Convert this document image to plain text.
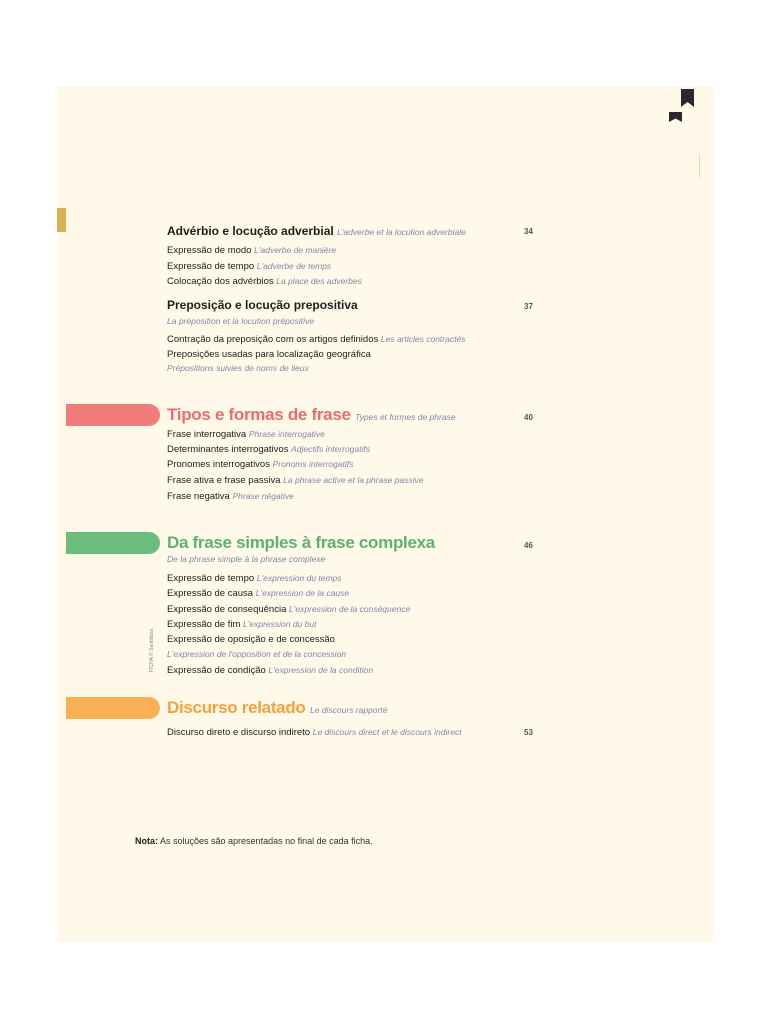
Advérbio e locução adverbial L'adverbe et la locution adverbiale	34
Expressão de modo L'adverbe de manière
Expressão de tempo L'adverbe de temps
Colocação dos advérbios La place des adverbes
Preposição e locução prepositiva	37
La préposition et la locution prépositive
Contração da preposição com os artigos definidos Les articles contractés
Preposições usadas para localização geográfica
Prépositions suivies de noms de lieux
Tipos e formas de frase Types et formes de phrase	40
Frase interrogativa Phrase interrogative
Determinantes interrogativos Adjectifs interrogatifs
Pronomes interrogativos Pronoms interrogatifs
Frase ativa e frase passiva La phrase active et la phrase passive
Frase negativa Phrase négative
Da frase simples à frase complexa	46
De la phrase simple à la phrase complexe
Expressão de tempo L'expression du temps
Expressão de causa L'expression de la cause
Expressão de consequência L'expression de la conséquence
Expressão de fim L'expression du but
Expressão de oposição e de concessão
L'expression de l'opposition et de la concession
Expressão de condição L'expression de la condition
FICHA © Santillana
Discurso relatado Le discours rapporté
Discurso direto e discurso indireto Le discours direct et le discours indirect	53
Nota: As soluções são apresentadas no final de cada ficha.
